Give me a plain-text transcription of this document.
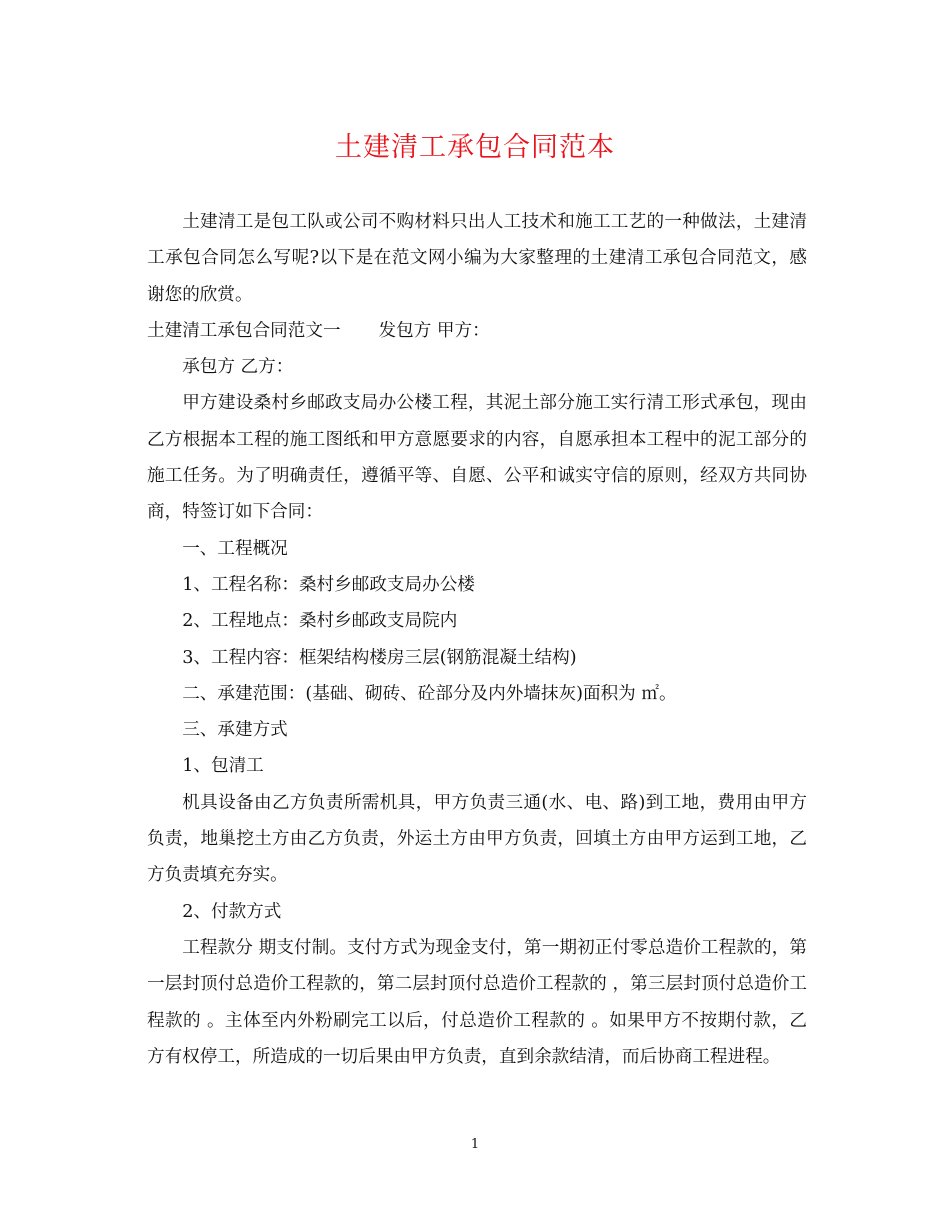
土建清工承包合同范本

土建清工是包工队或公司不购材料只出人工技术和施工工艺的一种做法，土建清工承包合同怎么写呢?以下是在范文网小编为大家整理的土建清工承包合同范文，感谢您的欣赏。

土建清工承包合同范文一 发包方 甲方：

承包方 乙方：

甲方建设桑村乡邮政支局办公楼工程，其泥土部分施工实行清工形式承包，现由乙方根据本工程的施工图纸和甲方意愿要求的内容，自愿承担本工程中的泥工部分的施工任务。为了明确责任，遵循平等、自愿、公平和诚实守信的原则，经双方共同协商，特签订如下合同：

一、工程概况

1、工程名称：桑村乡邮政支局办公楼

2、工程地点：桑村乡邮政支局院内

3、工程内容：框架结构楼房三层(钢筋混凝土结构)

二、承建范围：(基础、砌砖、砼部分及内外墙抹灰)面积为 ㎡。

三、承建方式

1、包清工

机具设备由乙方负责所需机具，甲方负责三通(水、电、路)到工地，费用由甲方负责，地巢挖土方由乙方负责，外运土方由甲方负责，回填土方由甲方运到工地，乙方负责填充夯实。

2、付款方式

工程款分 期支付制。支付方式为现金支付，第一期初正付零总造价工程款的，第一层封顶付总造价工程款的，第二层封顶付总造价工程款的 ，第三层封顶付总造价工程款的 。主体至内外粉刷完工以后，付总造价工程款的 。如果甲方不按期付款，乙方有权停工，所造成的一切后果由甲方负责，直到余款结清，而后协商工程进程。

1
